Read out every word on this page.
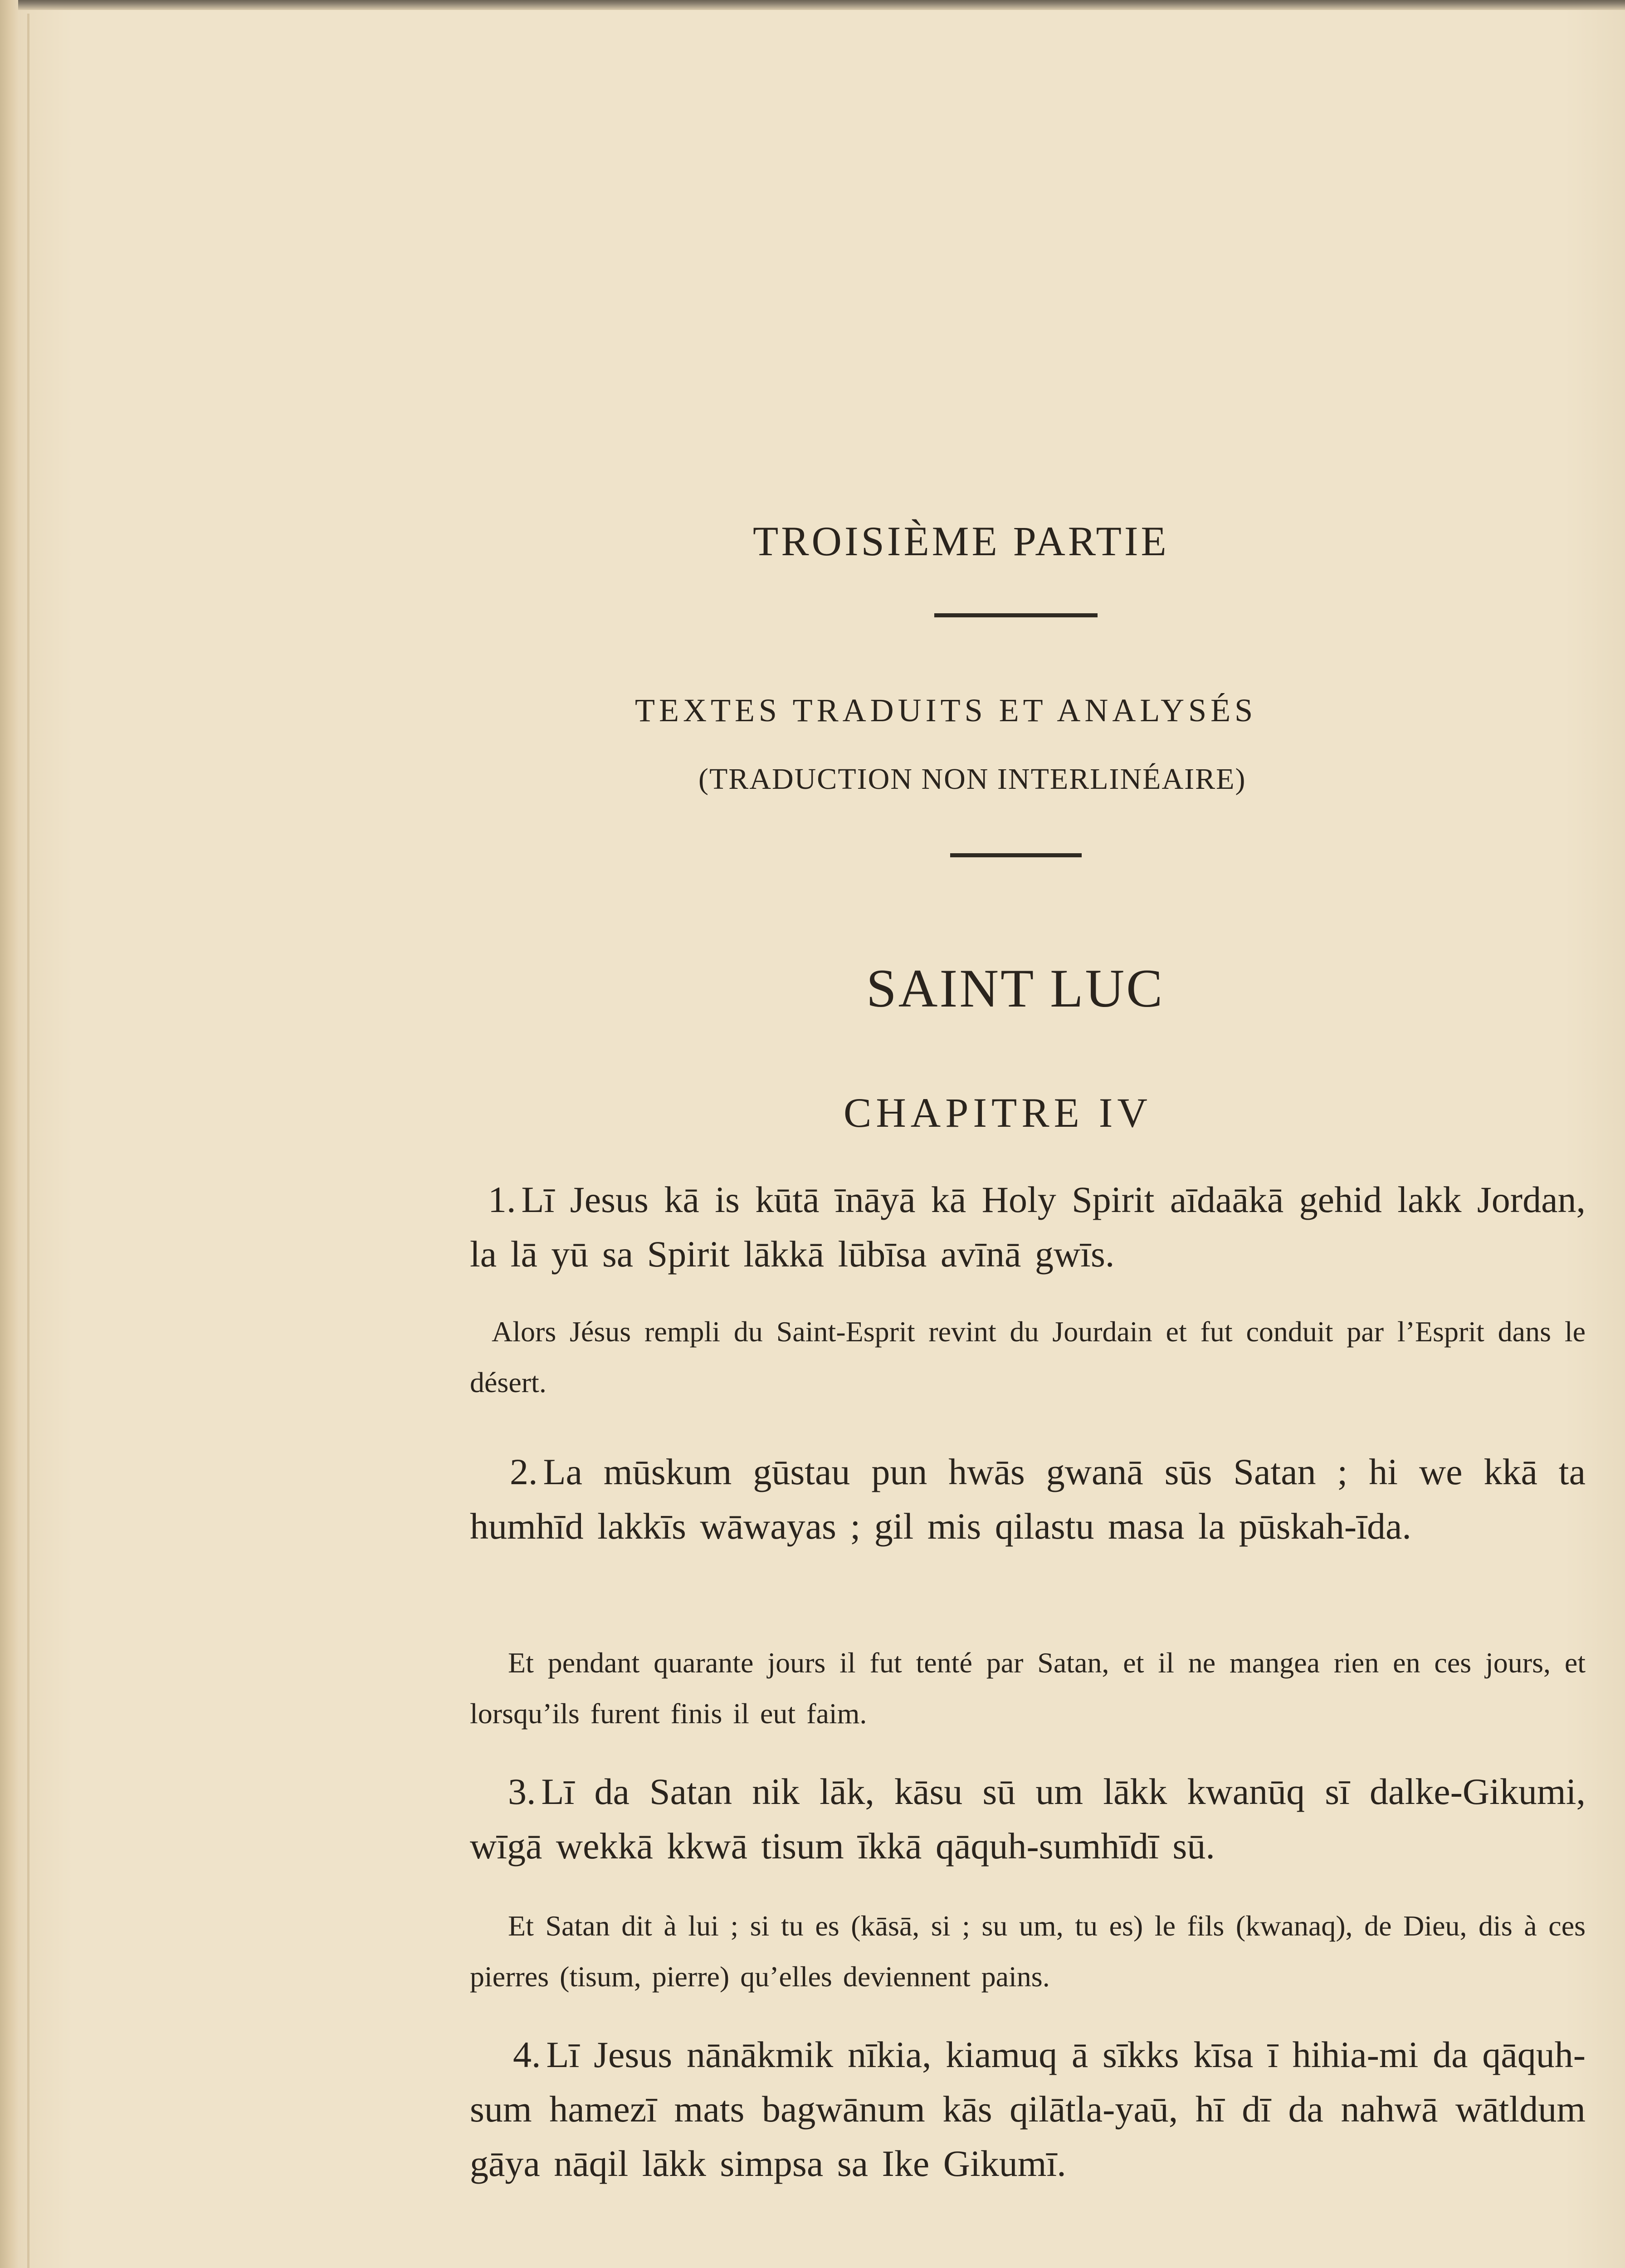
TROISIÈME PARTIE
TEXTES TRADUITS ET ANALYSÉS
(TRADUCTION NON INTERLINÉAIRE)
SAINT LUC
CHAPITRE IV
1. Lī Jesus kā is kūtā īnāyā kā Holy Spirit aīdaākā gehid lakk Jordan, la lā yū sa Spirit lākkā lūbīsa avīnā gwīs.
Alors Jésus rempli du Saint-Esprit revint du Jourdain et fut conduit par l’Esprit dans le désert.
2. La mūskum gūstau pun hwās gwanā sūs Satan ; hi we kkā ta humhīd lakkīs wāwayas ; gil mis qilastu masa la pūskah-īda.
Et pendant quarante jours il fut tenté par Satan, et il ne mangea rien en ces jours, et lorsqu’ils furent finis il eut faim.
3. Lī da Satan nik lāk, kāsu sū um lākk kwanūq sī dalke-Gikumi, wīgā wekkā kkwā tisum īkkā qāquh-sumhīdī sū.
Et Satan dit à lui ; si tu es (kāsā, si ; su um, tu es) le fils (kwanaq), de Dieu, dis à ces pierres (tisum, pierre) qu’elles deviennent pains.
4. Lī Jesus nānākmik nīkia, kiamuq ā sīkks kīsa ī hihia-mi da qāquh-sum hamezī mats bagwānum kās qilātla-yaū, hī dī da nahwā wātldum gāya nāqil lākk simpsa sa Ike Gikumī.
